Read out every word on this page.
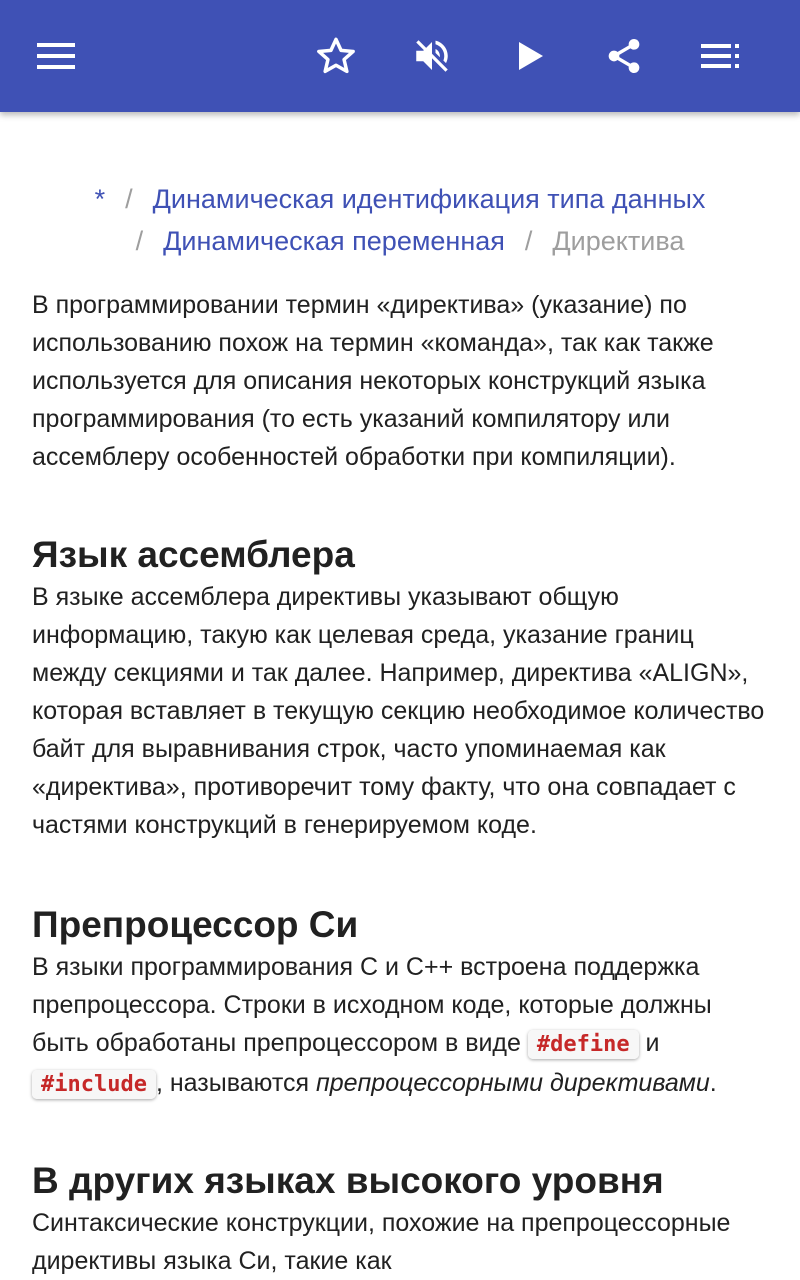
* / Динамическая идентификация типа данных
/ Динамическая переменная / Директива

В программировании термин «директива» (указание) по использованию похож на термин «команда», так как также используется для описания некоторых конструкций языка программирования (то есть указаний компилятору или ассемблеру особенностей обработки при компиляции).

Язык ассемблера

В языке ассемблера директивы указывают общую информацию, такую как целевая среда, указание границ между секциями и так далее. Например, директива «ALIGN», которая вставляет в текущую секцию необходимое количество байт для выравнивания строк, часто упоминаемая как «директива», противоречит тому факту, что она совпадает с частями конструкций в генерируемом коде.

Препроцессор Си

В языки программирования C и C++ встроена поддержка препроцессора. Строки в исходном коде, которые должны быть обработаны препроцессором в виде #define и #include , называются препроцессорными директивами.

В других языках высокого уровня

Синтаксические конструкции, похожие на препроцессорные директивы языка Си, такие как
